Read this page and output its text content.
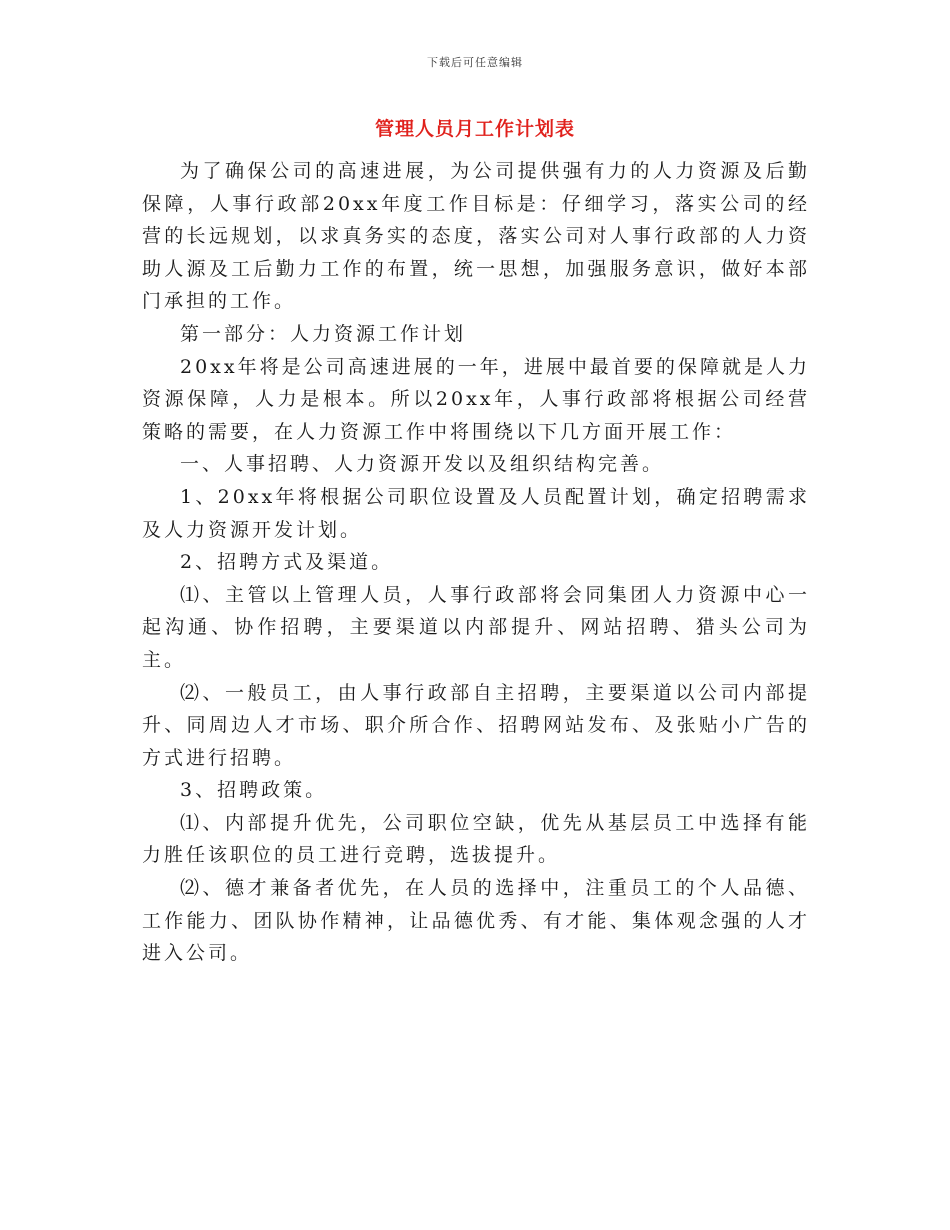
下载后可任意编辑
管理人员月工作计划表

为了确保公司的高速进展，为公司提供强有力的人力资源及后勤保障，人事行政部20xx年度工作目标是：仔细学习，落实公司的经营的长远规划，以求真务实的态度，落实公司对人事行政部的人力资助人源及工后勤力工作的布置，统一思想，加强服务意识，做好本部门承担的工作。

第一部分：人力资源工作计划

20xx年将是公司高速进展的一年，进展中最首要的保障就是人力资源保障，人力是根本。所以20xx年，人事行政部将根据公司经营策略的需要，在人力资源工作中将围绕以下几方面开展工作：

一、人事招聘、人力资源开发以及组织结构完善。

1、20xx年将根据公司职位设置及人员配置计划，确定招聘需求及人力资源开发计划。

2、招聘方式及渠道。

⑴、主管以上管理人员，人事行政部将会同集团人力资源中心一起沟通、协作招聘，主要渠道以内部提升、网站招聘、猎头公司为主。

⑵、一般员工，由人事行政部自主招聘，主要渠道以公司内部提升、同周边人才市场、职介所合作、招聘网站发布、及张贴小广告的方式进行招聘。

3、招聘政策。

⑴、内部提升优先，公司职位空缺，优先从基层员工中选择有能力胜任该职位的员工进行竞聘，选拔提升。

⑵、德才兼备者优先，在人员的选择中，注重员工的个人品德、工作能力、团队协作精神，让品德优秀、有才能、集体观念强的人才进入公司。
